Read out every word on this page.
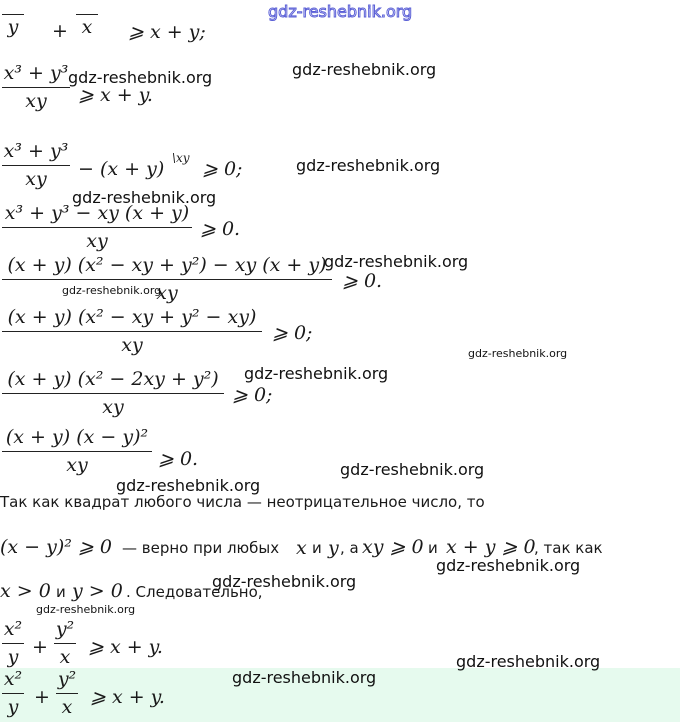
y + x ⩾ x + y;
x³ + y³
xy ⩾ x + y.
x³ + y³
xy − (x + y) \xy ⩾ 0;
x³ + y³ − xy (x + y)
xy
⩾ 0.
(x + y) (x² − xy + y²) − xy (x + y)
xy
⩾ 0.
(x + y) (x² − xy + y² − xy)
xy
⩾ 0;
(x + y) (x² − 2xy + y²)
xy
⩾ 0;
(x + y) (x − y)²
xy	⩾ 0.
Так как квадрат любого числа — неотрицательное число, то
(x − y)² ⩾ 0 — верно при любых x и y , а xy ⩾ 0 и x + y ⩾ 0
, так как
x > 0 и y > 0 . Следовательно,
x²
y +
y²
x ⩾ x + y.
x²
y +
y²
x ⩾ x + y.
gdz-reshebnik.org
gdz-reshebnik.org	gdz-reshebnik.org
gdz-reshebnik.org
gdz-reshebnik.org
gdz-reshebnik.org
gdz-reshebnik.org
gdz-reshebnik.org
gdz-reshebnik.org
gdz-reshebnik.org
gdz-reshebnik.org
gdz-reshebnik.org
gdz-reshebnik.org
gdz-reshebnik.org
gdz-reshebnik.org
gdz-reshebnik.org
